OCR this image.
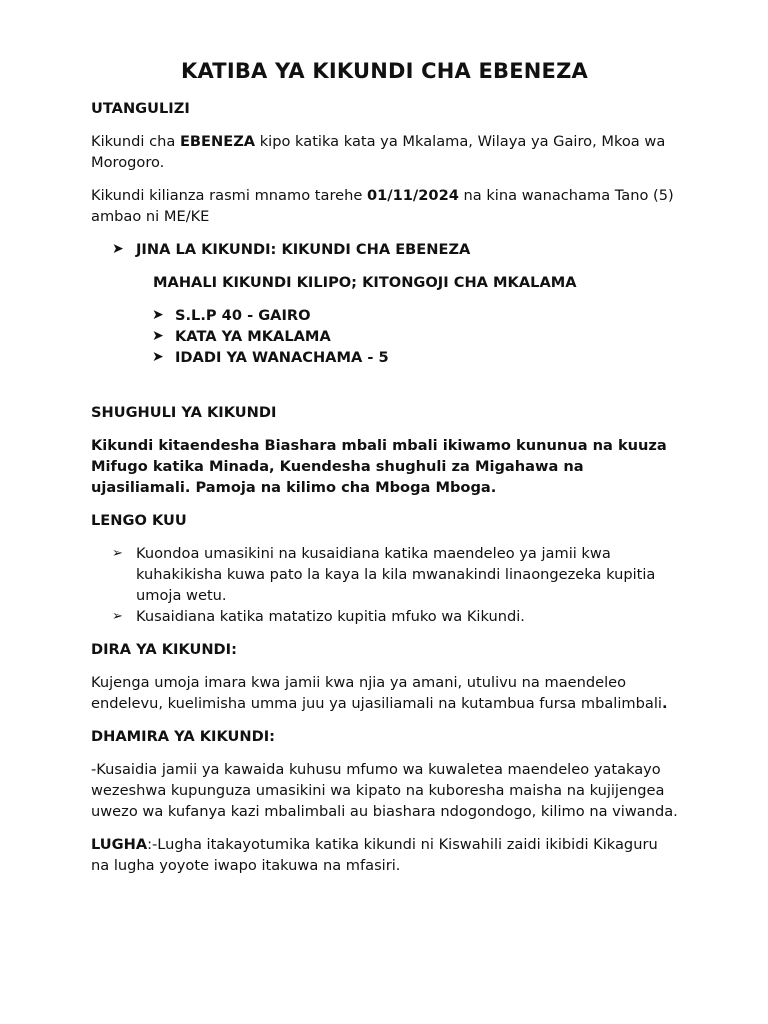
KATIBA YA KIKUNDI CHA EBENEZA

UTANGULIZI

Kikundi cha EBENEZA kipo katika kata ya Mkalama, Wilaya ya Gairo, Mkoa wa Morogoro.

Kikundi kilianza rasmi mnamo tarehe 01/11/2024 na kina wanachama Tano (5) ambao ni ME/KE

➤ JINA LA KIKUNDI: KIKUNDI CHA EBENEZA

MAHALI KIKUNDI KILIPO; KITONGOJI CHA MKALAMA

➤ S.L.P 40 - GAIRO
➤ KATA YA MKALAMA
➤ IDADI YA WANACHAMA - 5

SHUGHULI YA KIKUNDI

Kikundi kitaendesha Biashara mbali mbali ikiwamo kununua na kuuza Mifugo katika Minada, Kuendesha shughuli za Migahawa na ujasiliamali. Pamoja na kilimo cha Mboga Mboga.

LENGO KUU

➢ Kuondoa umasikini na kusaidiana katika maendeleo ya jamii kwa kuhakikisha kuwa pato la kaya la kila mwanakindi linaongezeka kupitia umoja wetu.
➢ Kusaidiana katika matatizo kupitia mfuko wa Kikundi.

DIRA YA KIKUNDI:

Kujenga umoja imara kwa jamii kwa njia ya amani, utulivu na maendeleo endelevu, kuelimisha umma juu ya ujasiliamali na kutambua fursa mbalimbali.

DHAMIRA YA KIKUNDI:

-Kusaidia jamii ya kawaida kuhusu mfumo wa kuwaletea maendeleo yatakayo wezeshwa kupunguza umasikini wa kipato na kuboresha maisha na kujijengea uwezo wa kufanya kazi mbalimbali au biashara ndogondogo, kilimo na viwanda.

LUGHA:-Lugha itakayotumika katika kikundi ni Kiswahili zaidi ikibidi Kikaguru na lugha yoyote iwapo itakuwa na mfasiri.
